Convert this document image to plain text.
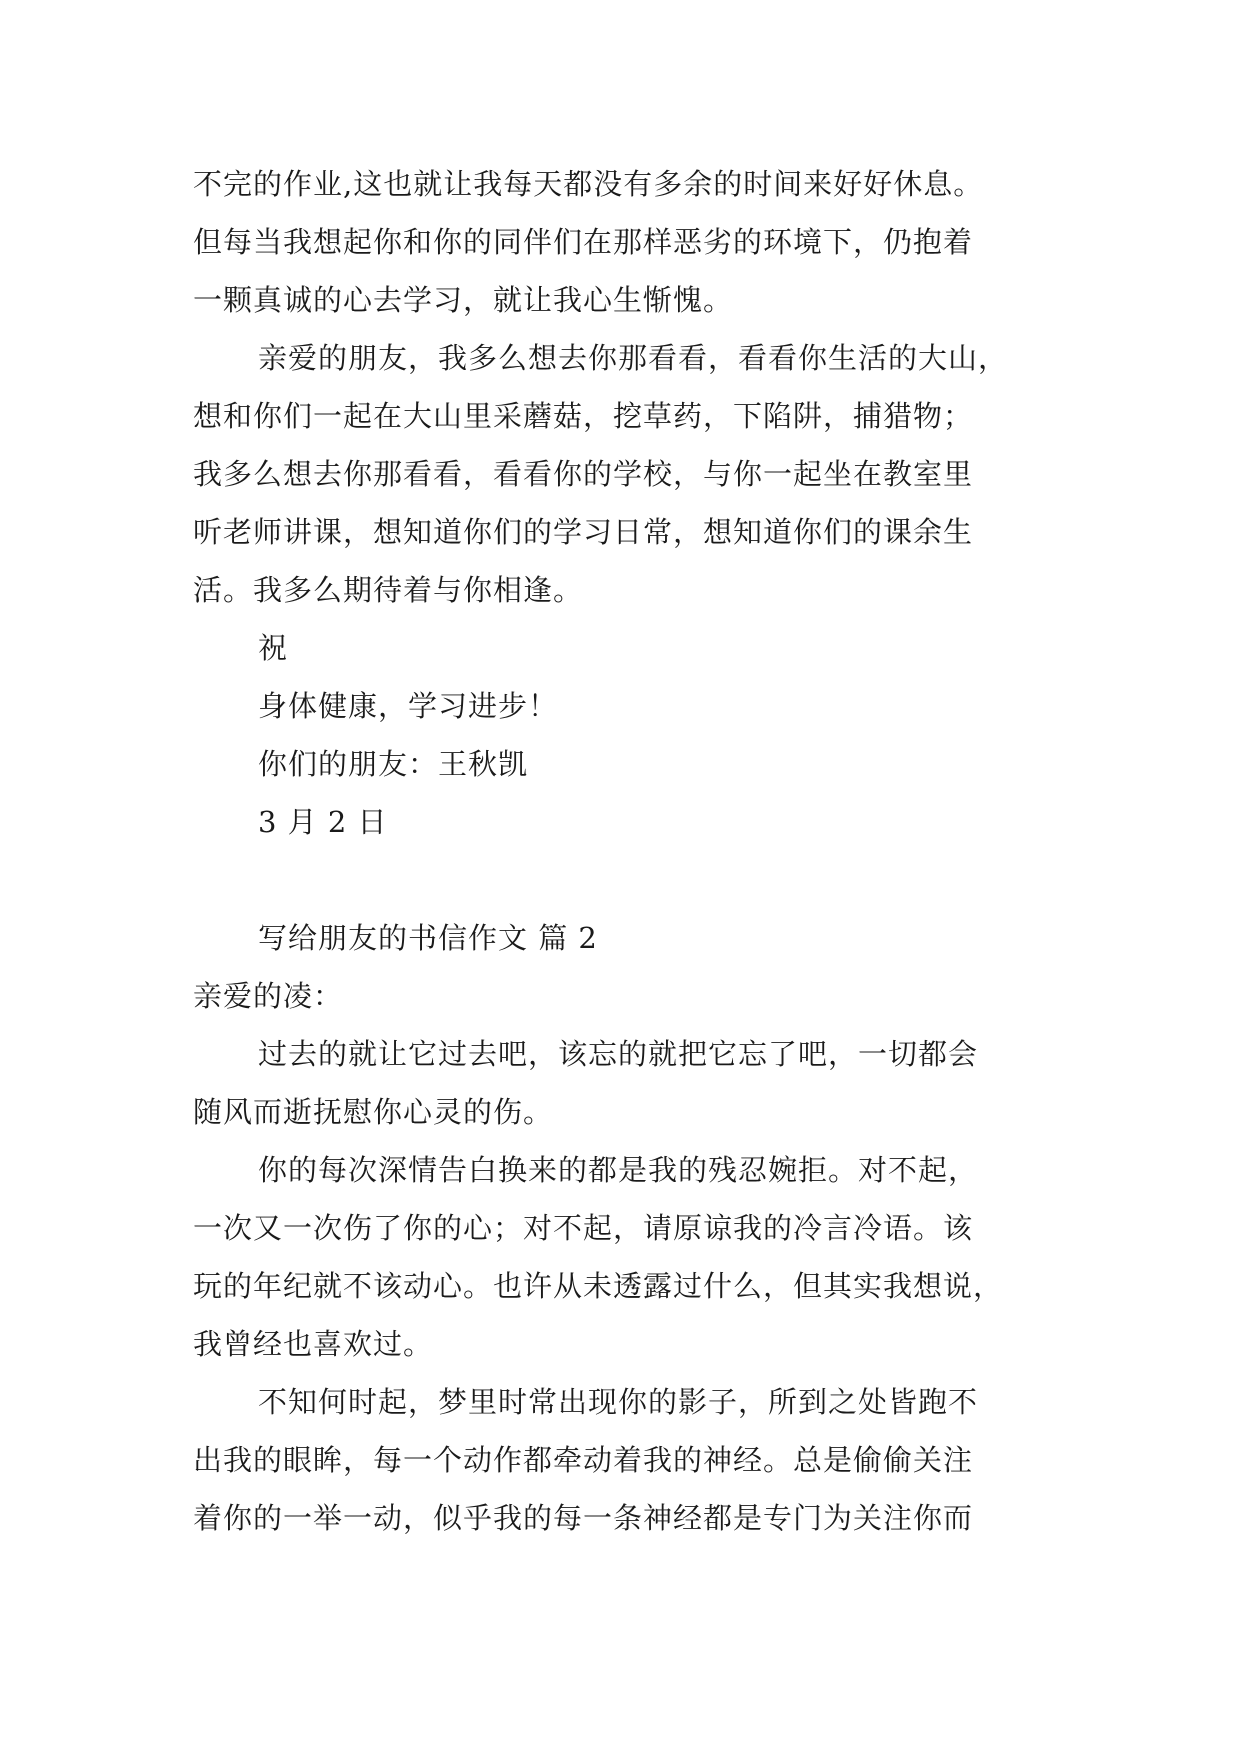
不完的作业,这也就让我每天都没有多余的时间来好好休息。
但每当我想起你和你的同伴们在那样恶劣的环境下，仍抱着
一颗真诚的心去学习，就让我心生惭愧。
亲爱的朋友，我多么想去你那看看，看看你生活的大山，
想和你们一起在大山里采蘑菇，挖草药，下陷阱，捕猎物；
我多么想去你那看看，看看你的学校，与你一起坐在教室里
听老师讲课，想知道你们的学习日常，想知道你们的课余生
活。我多么期待着与你相逢。
祝
身体健康，学习进步！
你们的朋友：王秋凯
3 月 2 日
写给朋友的书信作文 篇 2
亲爱的凌：
过去的就让它过去吧，该忘的就把它忘了吧，一切都会
随风而逝抚慰你心灵的伤。
你的每次深情告白换来的都是我的残忍婉拒。对不起，
一次又一次伤了你的心；对不起，请原谅我的冷言冷语。该
玩的年纪就不该动心。也许从未透露过什么，但其实我想说，
我曾经也喜欢过。
不知何时起，梦里时常出现你的影子，所到之处皆跑不
出我的眼眸，每一个动作都牵动着我的神经。总是偷偷关注
着你的一举一动，似乎我的每一条神经都是专门为关注你而
